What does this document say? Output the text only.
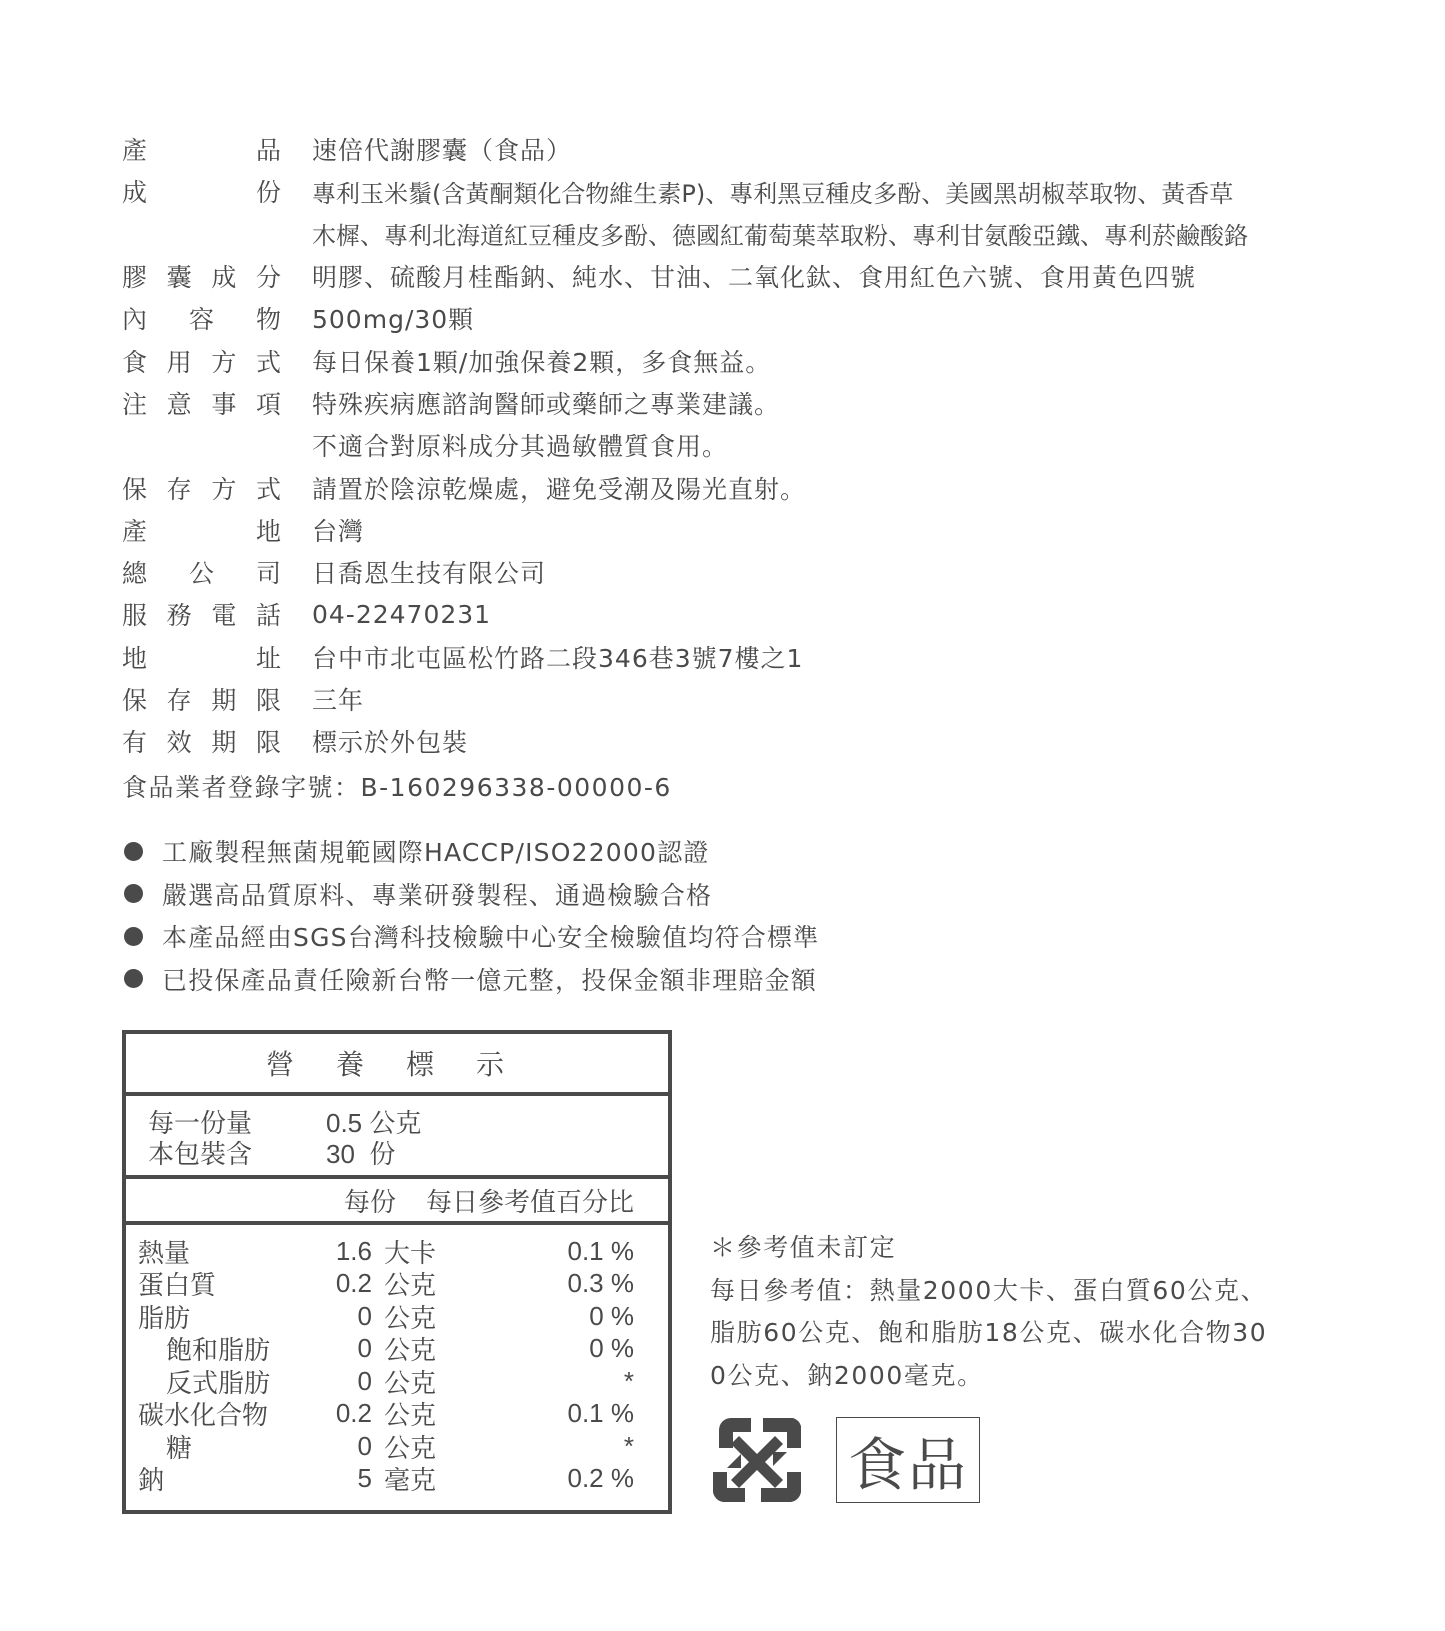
產	品	速倍代謝膠囊（食品）
成	份	專利玉米鬚(含黃酮類化合物維生素P)、專利黑豆種皮多酚、美國黑胡椒萃取物、黃香草
木樨、專利北海道紅豆種皮多酚、德國紅葡萄葉萃取粉、專利甘氨酸亞鐵、專利菸鹼酸鉻
膠 囊 成 分	明膠、硫酸月桂酯鈉、純水、甘油、二氧化鈦、食用紅色六號、食用黃色四號
內 容 物	500mg/30顆
食 用 方 式	每日保養1顆/加強保養2顆，多食無益。
注 意 事 項	特殊疾病應諮詢醫師或藥師之專業建議。
不適合對原料成分其過敏體質食用。
保 存 方 式	請置於陰涼乾燥處，避免受潮及陽光直射。
產	地	台灣
總 公 司	日喬恩生技有限公司
服 務 電 話	04-22470231
地	址	台中市北屯區松竹路二段346巷3號7樓之1
保 存 期 限	三年
有 效 期 限	標示於外包裝
食品業者登錄字號：B-160296338-00000-6
工廠製程無菌規範國際HACCP/ISO22000認證
嚴選高品質原料、專業研發製程、通過檢驗合格
本產品經由SGS台灣科技檢驗中心安全檢驗值均符合標準
已投保產品責任險新台幣一億元整，投保金額非理賠金額
營 養 標 示
每一份量	0.5 公克
本包裝含	30  份
每份 每日參考值百分比
熱量	1.6 大卡	0.1 %
蛋白質	0.2 公克	0.3 %
脂肪	0 公克	0 %
飽和脂肪	0 公克	0 %
反式脂肪	0 公克	*
碳水化合物	0.2 公克	0.1 %
糖	0 公克	*
鈉	5 毫克	0.2 %
＊參考值未訂定
每日參考值：熱量2000大卡、蛋白質60公克、
脂肪60公克、飽和脂肪18公克、碳水化合物30
0公克、鈉2000毫克。
食品
